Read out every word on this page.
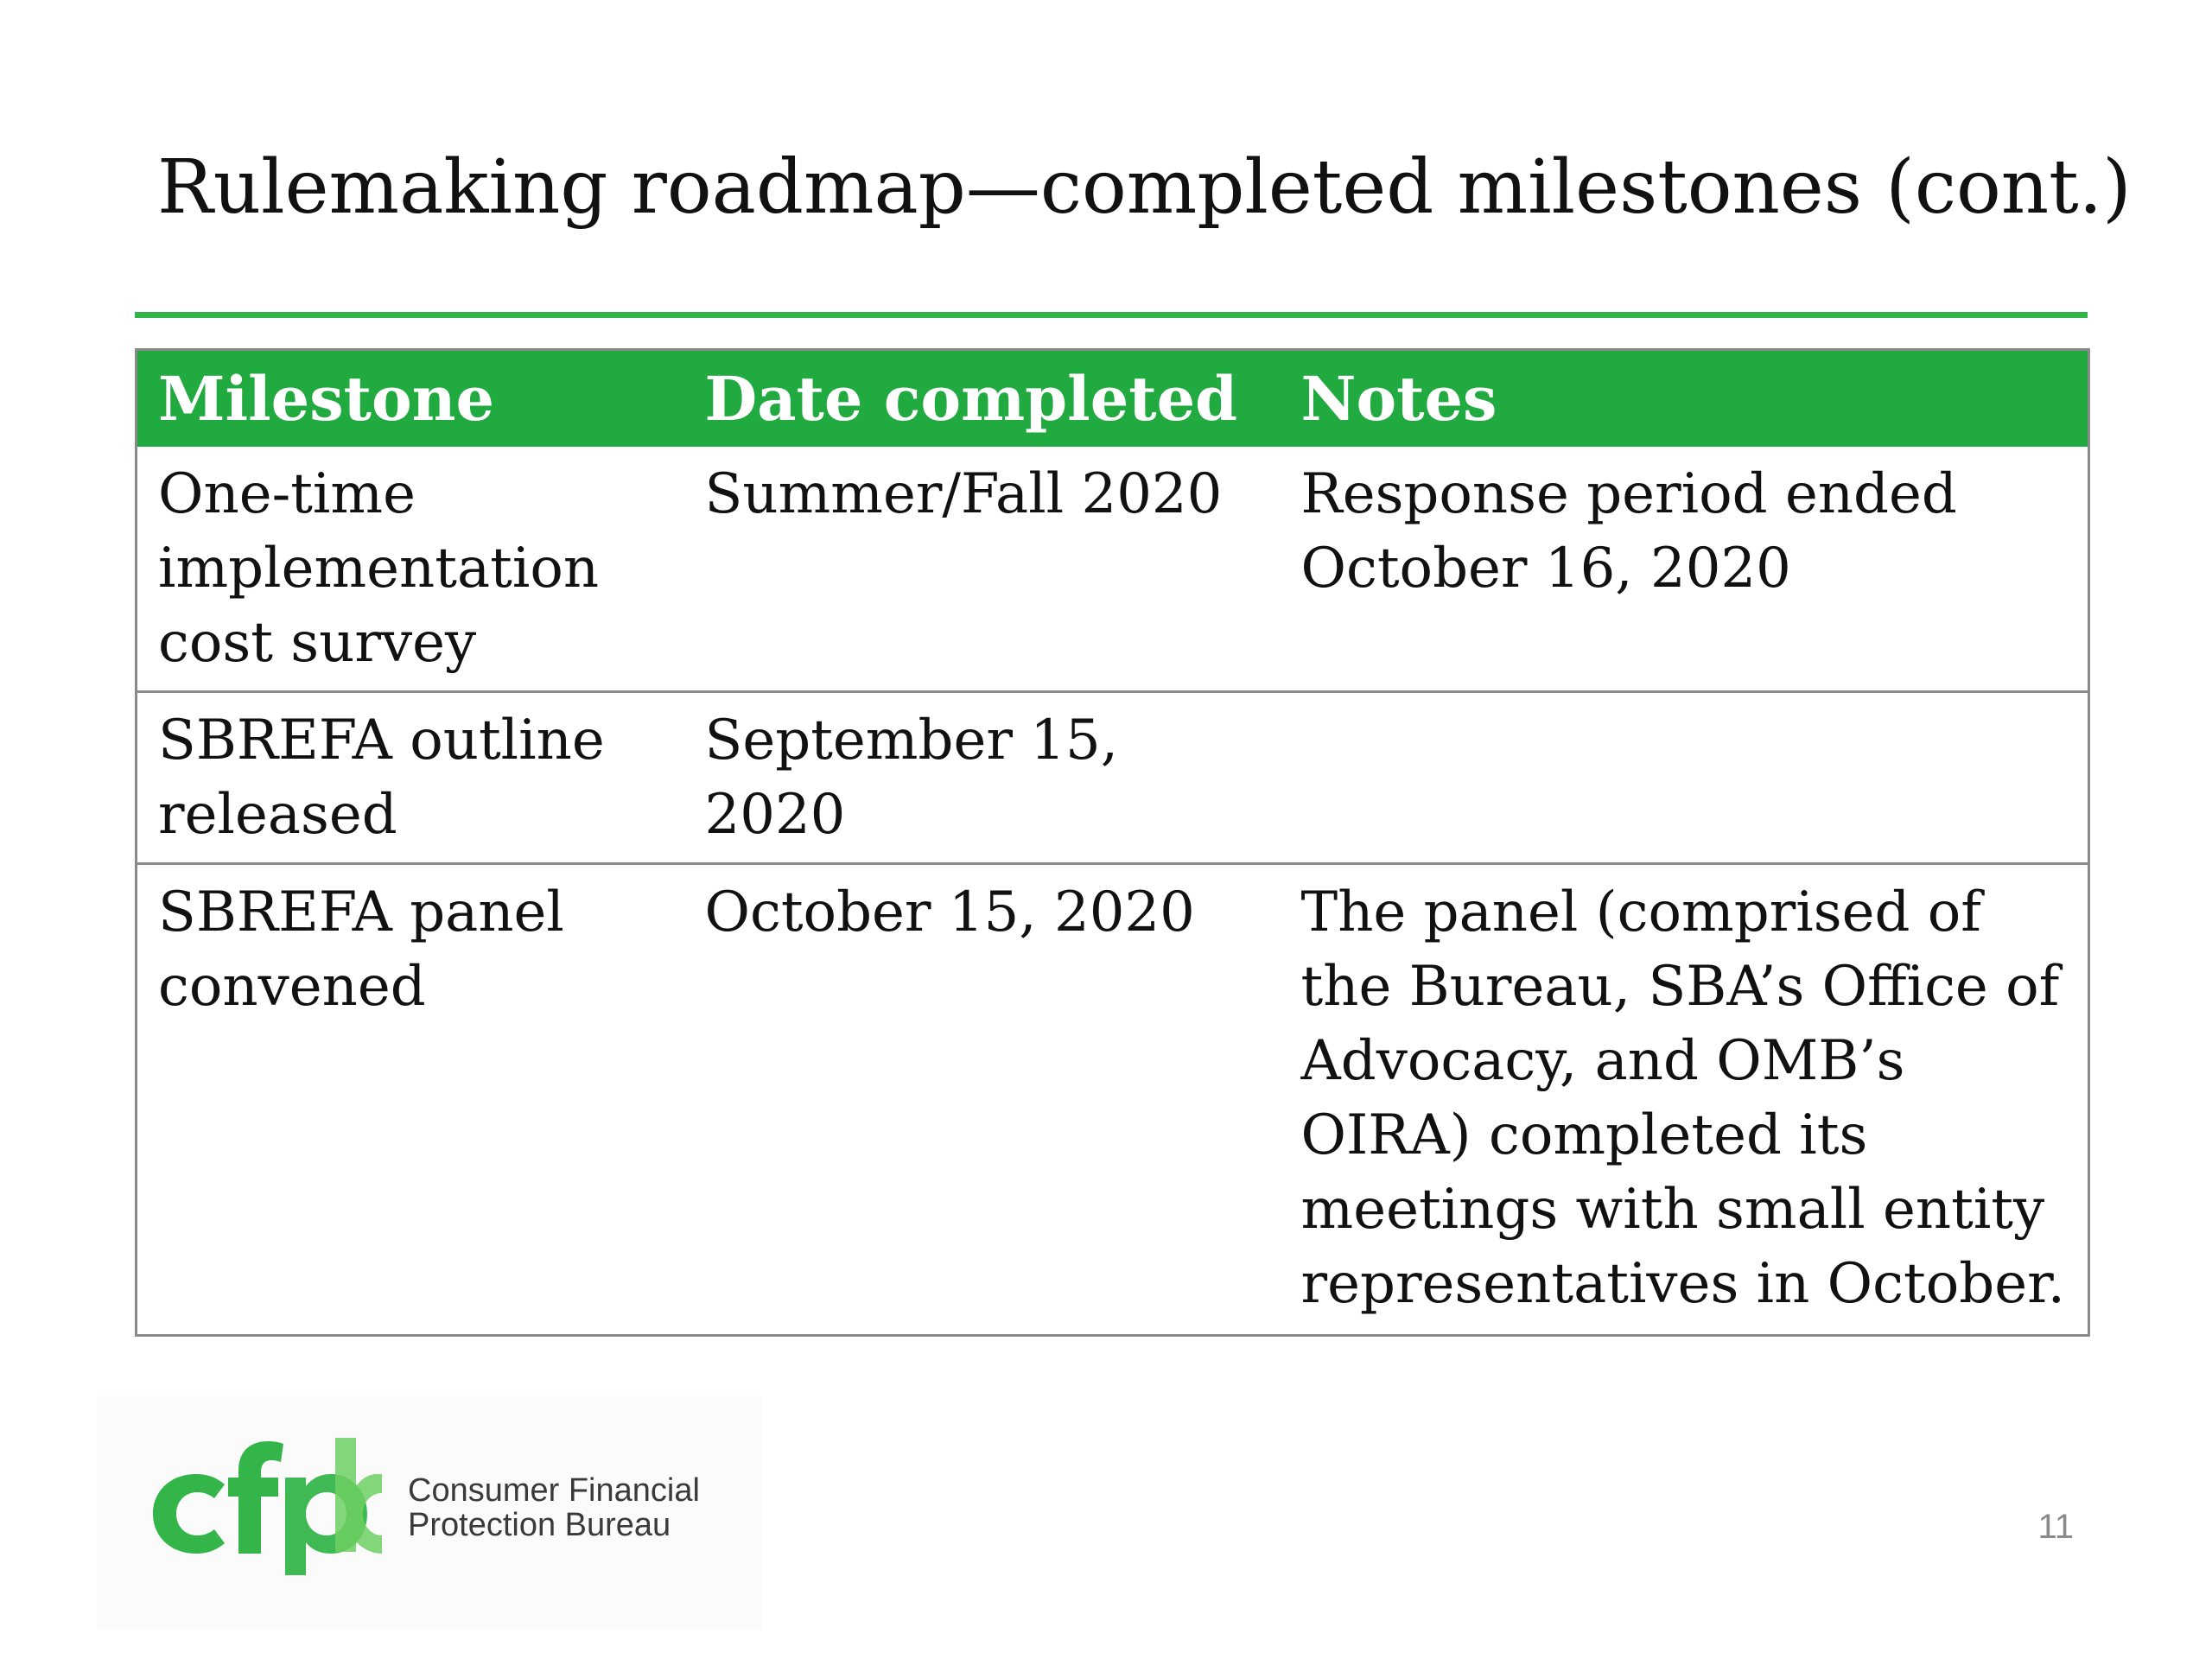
Rulemaking roadmap—completed milestones (cont.)
Milestone	Date completed	Notes
One-time implementation cost survey	Summer/Fall 2020	Response period ended October 16, 2020
SBREFA outline released	September 15, 2020	
SBREFA panel convened	October 15, 2020	The panel (comprised of the Bureau, SBA’s Office of Advocacy, and OMB’s OIRA) completed its meetings with small entity representatives in October.
Consumer Financial
Protection Bureau	11
